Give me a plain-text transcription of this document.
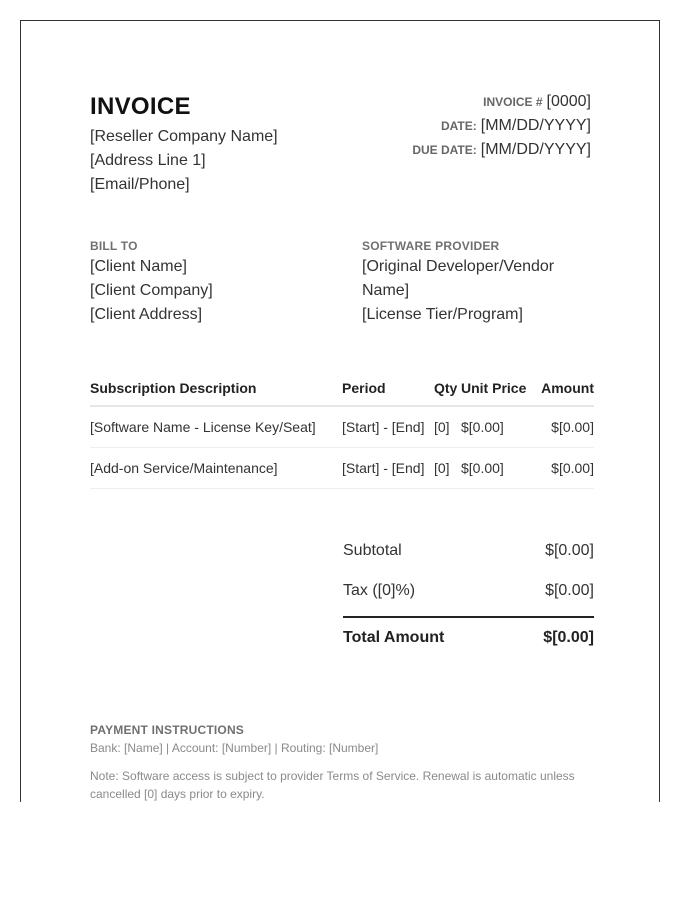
INVOICE
[Reseller Company Name]
[Address Line 1]
[Email/Phone]
INVOICE # [0000]
DATE: [MM/DD/YYYY]
DUE DATE: [MM/DD/YYYY]
BILL TO
[Client Name]
[Client Company]
[Client Address]
SOFTWARE PROVIDER
[Original Developer/Vendor Name]
[License Tier/Program]
Subscription Description	Period	Qty	Unit Price	Amount
[Software Name - License Key/Seat]	[Start] - [End]	[0]	$[0.00]	$[0.00]
[Add-on Service/Maintenance]	[Start] - [End]	[0]	$[0.00]	$[0.00]
Subtotal	$[0.00]
Tax ([0]%)	$[0.00]
Total Amount	$[0.00]
PAYMENT INSTRUCTIONS
Bank: [Name] | Account: [Number] | Routing: [Number]
Note: Software access is subject to provider Terms of Service. Renewal is automatic unless cancelled [0] days prior to expiry.
